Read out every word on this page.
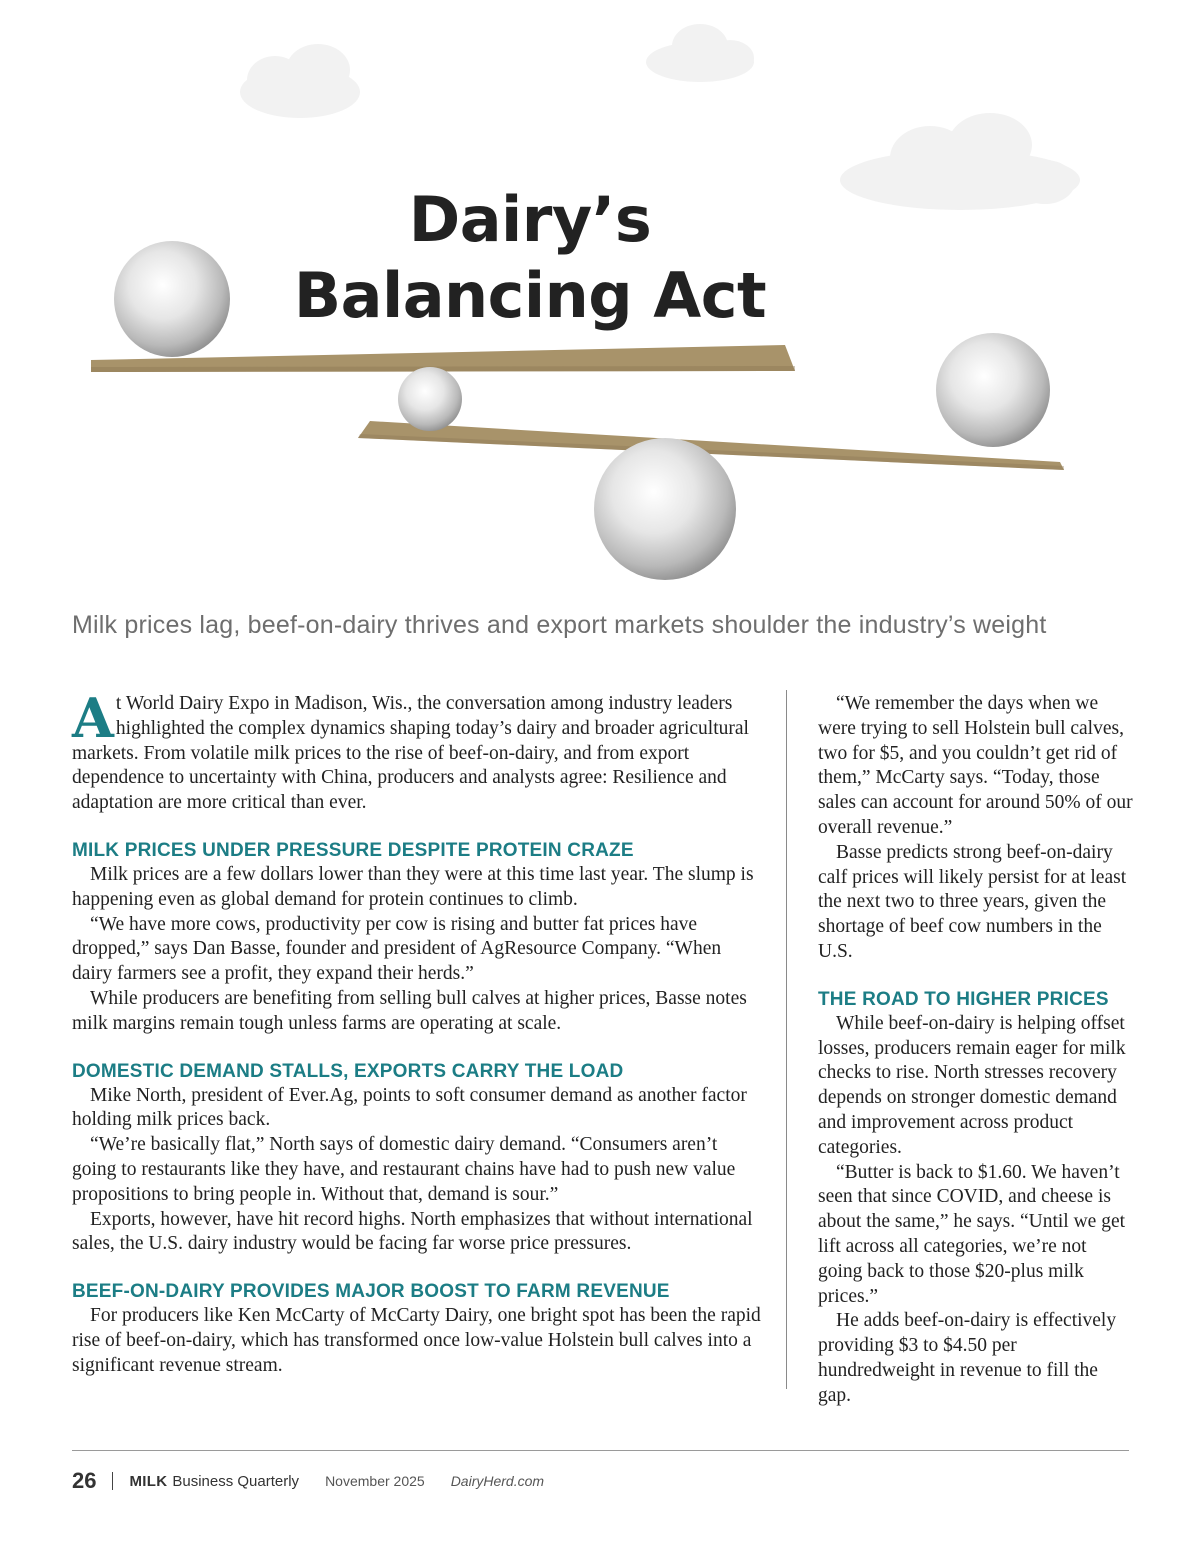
Dairy’s
Balancing Act

Milk prices lag, beef-on-dairy thrives and export markets shoulder the industry’s weight

At World Dairy Expo in Madison, Wis., the conversation among industry leaders highlighted the complex dynamics shaping today’s dairy and broader agricultural markets. From volatile milk prices to the rise of beef-on-dairy, and from export dependence to uncertainty with China, producers and analysts agree: Resilience and adaptation are more critical than ever.

MILK PRICES UNDER PRESSURE DESPITE PROTEIN CRAZE

Milk prices are a few dollars lower than they were at this time last year. The slump is happening even as global demand for protein continues to climb.

“We have more cows, productivity per cow is rising and butter fat prices have dropped,” says Dan Basse, founder and president of AgResource Company. “When dairy farmers see a profit, they expand their herds.”

While producers are benefiting from selling bull calves at higher prices, Basse notes milk margins remain tough unless farms are operating at scale.

DOMESTIC DEMAND STALLS, EXPORTS CARRY THE LOAD

Mike North, president of Ever.Ag, points to soft consumer demand as another factor holding milk prices back.

“We’re basically flat,” North says of domestic dairy demand. “Consumers aren’t going to restaurants like they have, and restaurant chains have had to push new value propositions to bring people in. Without that, demand is sour.”

Exports, however, have hit record highs. North emphasizes that without international sales, the U.S. dairy industry would be facing far worse price pressures.

BEEF-ON-DAIRY PROVIDES MAJOR BOOST TO FARM REVENUE

For producers like Ken McCarty of McCarty Dairy, one bright spot has been the rapid rise of beef-on-dairy, which has transformed once low-value Holstein bull calves into a significant revenue stream.

“We remember the days when we were trying to sell Holstein bull calves, two for $5, and you couldn’t get rid of them,” McCarty says. “Today, those sales can account for around 50% of our overall revenue.”

Basse predicts strong beef-on-dairy calf prices will likely persist for at least the next two to three years, given the shortage of beef cow numbers in the U.S.

THE ROAD TO HIGHER PRICES

While beef-on-dairy is helping offset losses, producers remain eager for milk checks to rise. North stresses recovery depends on stronger domestic demand and improvement across product categories.

“Butter is back to $1.60. We haven’t seen that since COVID, and cheese is about the same,” he says. “Until we get lift across all categories, we’re not going back to those $20-plus milk prices.”

He adds beef-on-dairy is effectively providing $3 to $4.50 per hundredweight in revenue to fill the gap.

26 MILK Business Quarterly November 2025 DairyHerd.com
